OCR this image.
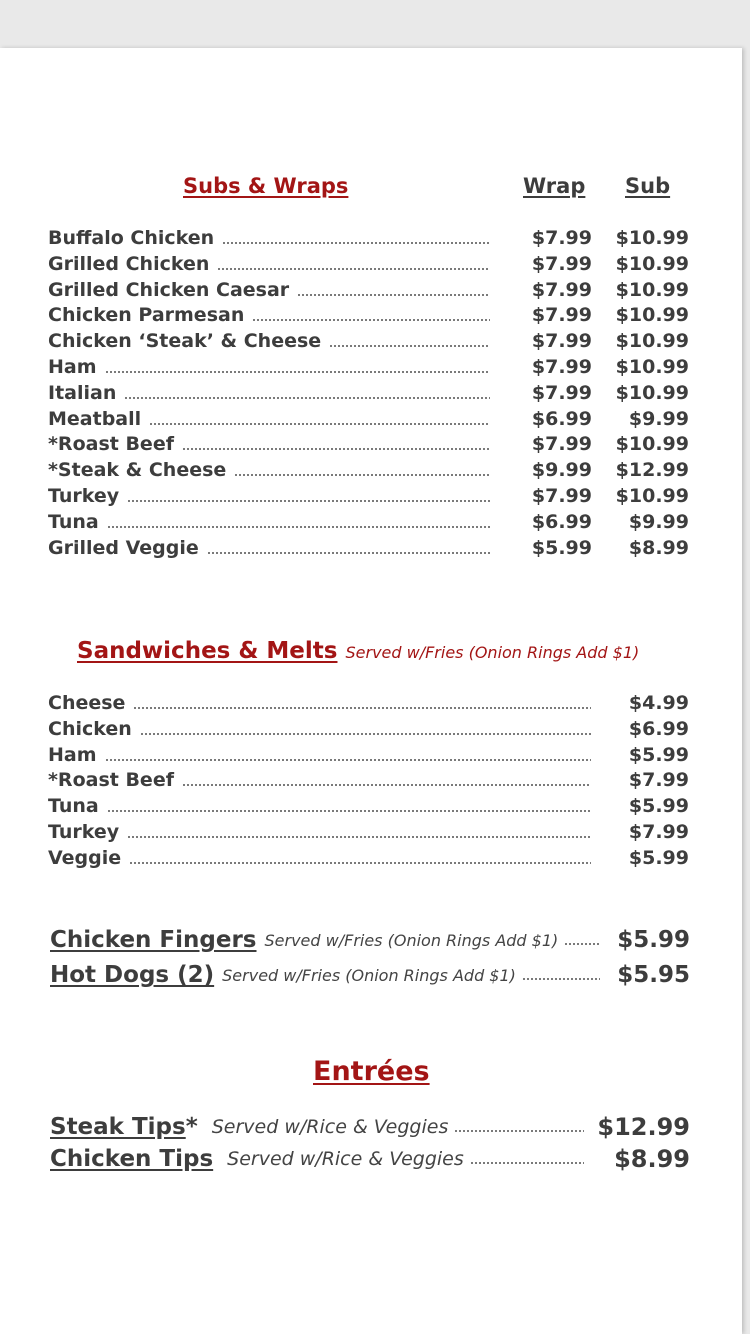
Subs & Wraps	Wrap Sub
Buffalo Chicken	$7.99	$10.99
Grilled Chicken	$7.99	$10.99
Grilled Chicken Caesar	$7.99	$10.99
Chicken Parmesan	$7.99	$10.99
Chicken ‘Steak’ & Cheese	$7.99	$10.99
Ham	$7.99	$10.99
Italian	$7.99	$10.99
Meatball	$6.99	$9.99
*Roast Beef	$7.99	$10.99
*Steak & Cheese	$9.99	$12.99
Turkey	$7.99	$10.99
Tuna	$6.99	$9.99
Grilled Veggie	$5.99	$8.99
Sandwiches & Melts Served w/Fries (Onion Rings Add $1)
Cheese	$4.99
Chicken	$6.99
Ham	$5.99
*Roast Beef	$7.99
Tuna	$5.99
Turkey	$7.99
Veggie	$5.99
Chicken Fingers Served w/Fries (Onion Rings Add $1)	$5.99
Hot Dogs (2) Served w/Fries (Onion Rings Add $1)	$5.95
Entrées
Steak Tips * Served w/Rice & Veggies	$12.99
Chicken Tips Served w/Rice & Veggies	$8.99
